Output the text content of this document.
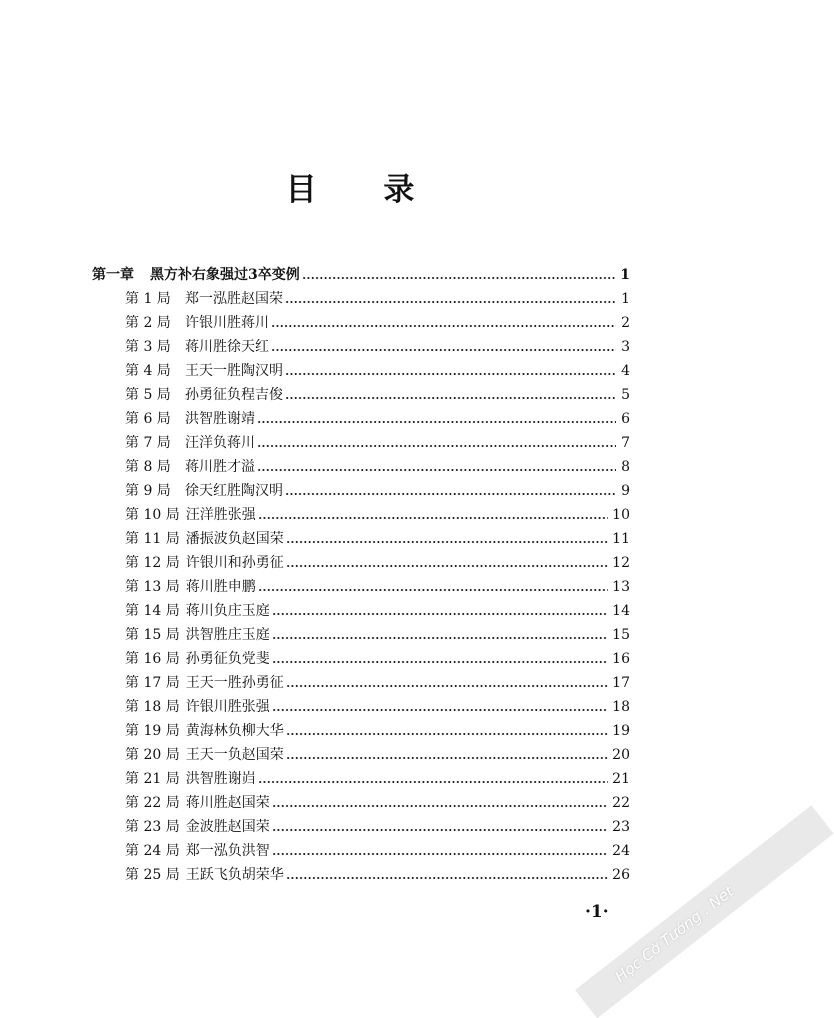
目 录
第一章	黑方补右象强过3卒变例	1
第 1 局	郑一泓胜赵国荣	1
第 2 局	许银川胜蒋川	2
第 3 局	蒋川胜徐天红	3
第 4 局	王天一胜陶汉明	4
第 5 局	孙勇征负程吉俊	5
第 6 局	洪智胜谢靖	6
第 7 局	汪洋负蒋川	7
第 8 局	蒋川胜才溢	8
第 9 局	徐天红胜陶汉明	9
第 10 局 汪洋胜张强	10
第 11 局 潘振波负赵国荣	11
第 12 局 许银川和孙勇征	12
第 13 局 蒋川胜申鹏	13
第 14 局 蒋川负庄玉庭	14
第 15 局 洪智胜庄玉庭	15
第 16 局 孙勇征负党斐	16
第 17 局 王天一胜孙勇征	17
第 18 局 许银川胜张强	18
第 19 局 黄海林负柳大华	19
第 20 局 王天一负赵国荣	20
第 21 局 洪智胜谢岿	21
第 22 局 蒋川胜赵国荣	22
第 23 局 金波胜赵国荣	23
第 24 局 郑一泓负洪智	24
第 25 局 王跃飞负胡荣华	26
·1· Học Cờ Tướng . Net
